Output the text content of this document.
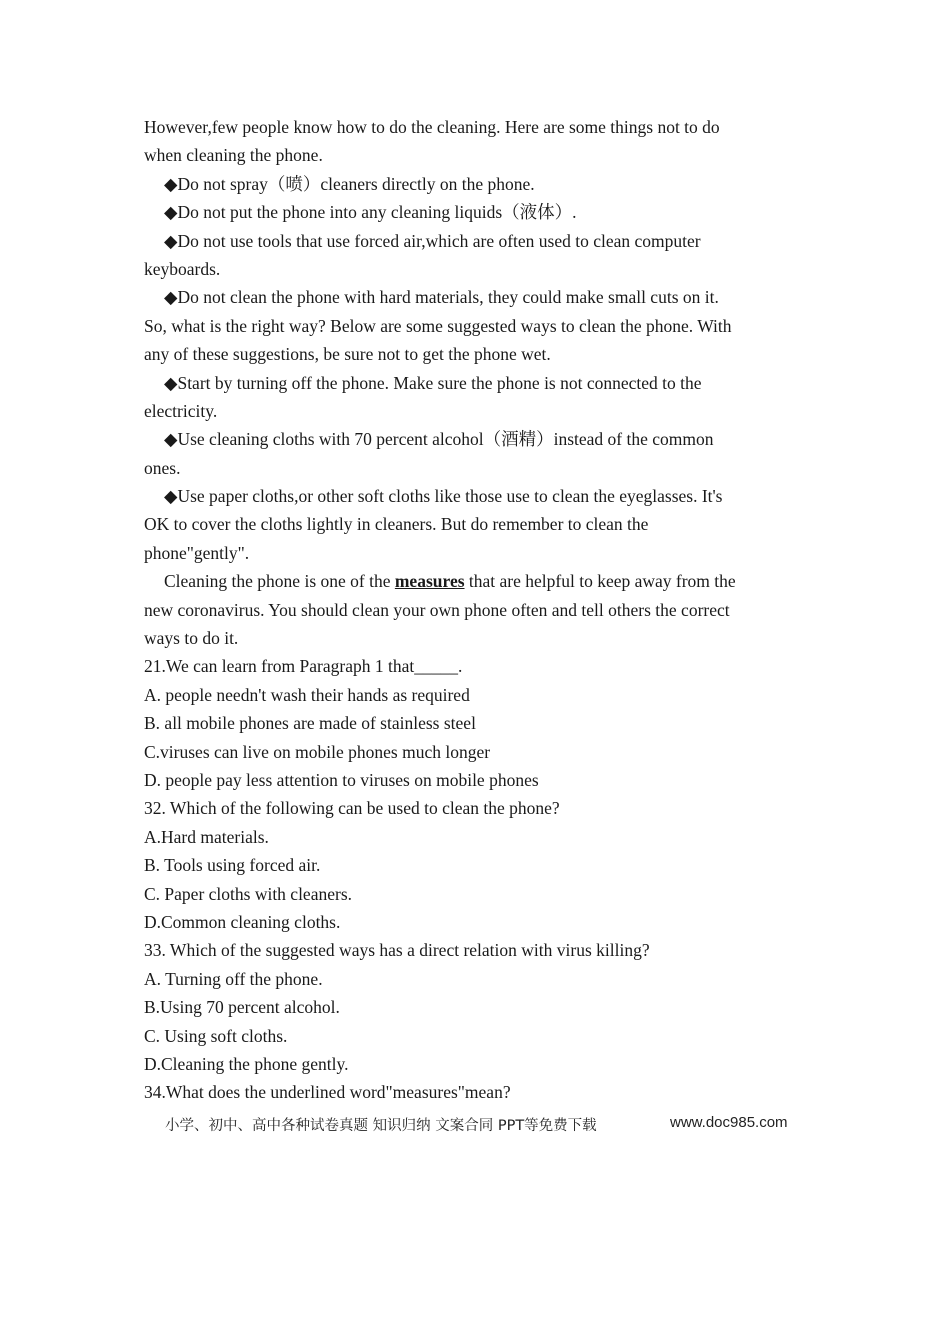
However,few people know how to do the cleaning. Here are some things not to do
when cleaning the phone.
◆Do not spray（喷）cleaners directly on the phone.
◆Do not put the phone into any cleaning liquids（液体）.
◆Do not use tools that use forced air,which are often used to clean computer
keyboards.
◆Do not clean the phone with hard materials, they could make small cuts on it.
So, what is the right way? Below are some suggested ways to clean the phone. With
any of these suggestions, be sure not to get the phone wet.
◆Start by turning off the phone. Make sure the phone is not connected to the
electricity.
◆Use cleaning cloths with 70 percent alcohol（酒精）instead of the common
ones.
◆Use paper cloths,or other soft cloths like those use to clean the eyeglasses. It's
OK to cover the cloths lightly in cleaners. But do remember to clean the
phone"gently".
Cleaning the phone is one of the measures that are helpful to keep away from the
new coronavirus. You should clean your own phone often and tell others the correct
ways to do it.
21.We can learn from Paragraph 1 that_____.
A. people needn't wash their hands as required
B. all mobile phones are made of stainless steel
C.viruses can live on mobile phones much longer
D. people pay less attention to viruses on mobile phones
32. Which of the following can be used to clean the phone?
A.Hard materials.
B. Tools using forced air.
C. Paper cloths with cleaners.
D.Common cleaning cloths.
33. Which of the suggested ways has a direct relation with virus killing?
A. Turning off the phone.
B.Using 70 percent alcohol.
C. Using soft cloths.
D.Cleaning the phone gently.
34.What does the underlined word"measures"mean?
小学、初中、高中各种试卷真题 知识归纳 文案合同 PPT等免费下载	www.doc985.com
